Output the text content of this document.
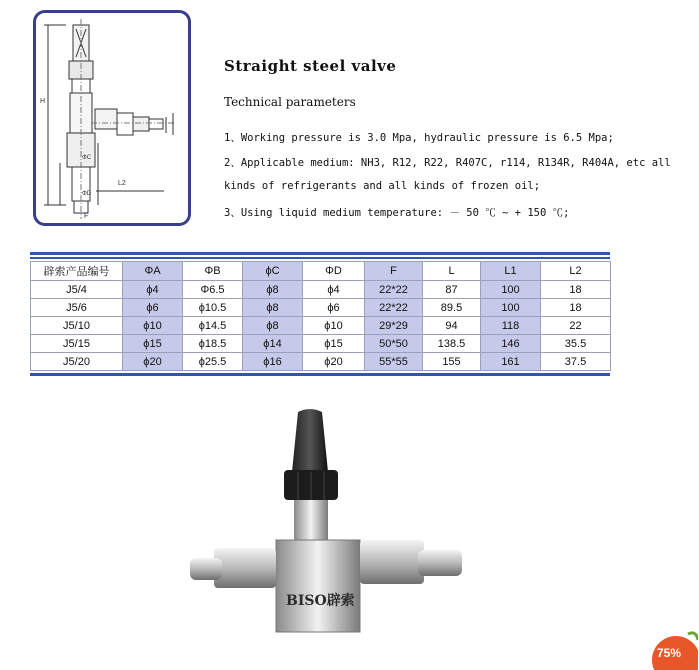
H
L2
F
ΦC
ΦD
Straight steel valve
Technical parameters
1、Working pressure is 3.0 Mpa, hydraulic pressure is 6.5 Mpa;
2、Applicable medium: NH3, R12, R22, R407C, r114, R134R, R404A, etc all
kinds of refrigerants and all kinds of frozen oil;
3、Using liquid medium temperature: － 50 ℃ ~ + 150 ℃;
辟索产品编号	ΦA	ΦB	ϕC	ΦD	F	L	L1	L2
J5/4	ϕ4	Φ6.5	ϕ8	ϕ4	22*22	87	100	18
J5/6	ϕ6	ϕ10.5	ϕ8	ϕ6	22*22	89.5	100	18
J5/10	ϕ10	ϕ14.5	ϕ8	ϕ10	29*29	94	118	22
J5/15	ϕ15	ϕ18.5	ϕ14	ϕ15	50*50	138.5	146	35.5
J5/20	ϕ20	ϕ25.5	ϕ16	ϕ20	55*55	155	161	37.5
BISO辟索
75%
